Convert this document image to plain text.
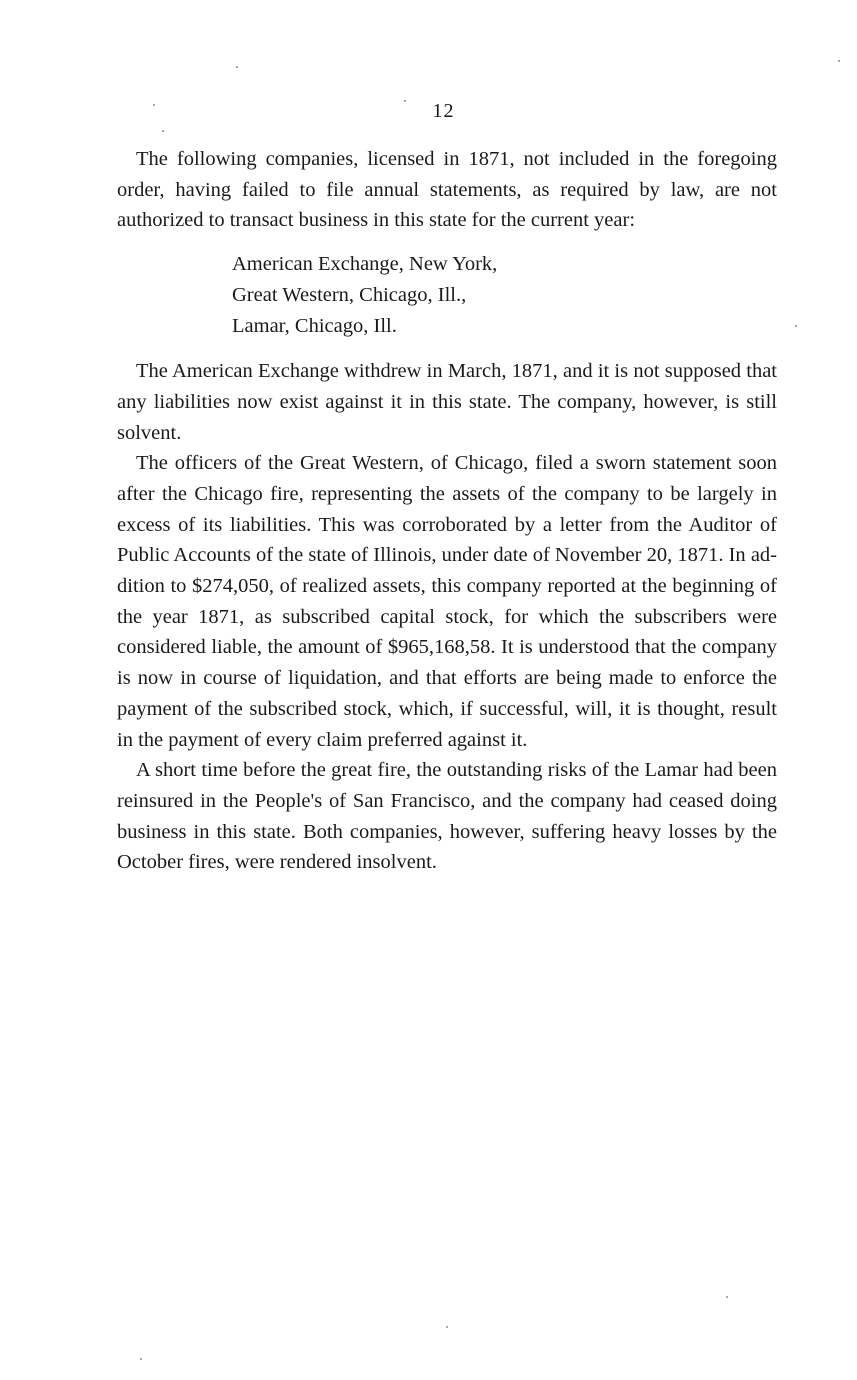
12

The following companies, licensed in 1871, not included in the foregoing order, having failed to file annual statements, as required by law, are not authorized to transact business in this state for the current year:

American Exchange, New York,
Great Western, Chicago, Ill.,
Lamar, Chicago, Ill.

The American Exchange withdrew in March, 1871, and it is not supposed that any liabilities now exist against it in this state. The company, however, is still solvent.

The officers of the Great Western, of Chicago, filed a sworn statement soon after the Chicago fire, representing the assets of the company to be largely in excess of its liabilities. This was corroborated by a letter from the Auditor of Public Accounts of the state of Illinois, under date of November 20, 1871. In addition to $274,050, of realized assets, this company reported at the beginning of the year 1871, as subscribed capital stock, for which the subscribers were considered liable, the amount of $965,168,58. It is understood that the company is now in course of liquidation, and that efforts are being made to enforce the payment of the subscribed stock, which, if successful, will, it is thought, result in the payment of every claim preferred against it.

A short time before the great fire, the outstanding risks of the Lamar had been reinsured in the People's of San Francisco, and the company had ceased doing business in this state. Both companies, however, suffering heavy losses by the October fires, were rendered insolvent.
